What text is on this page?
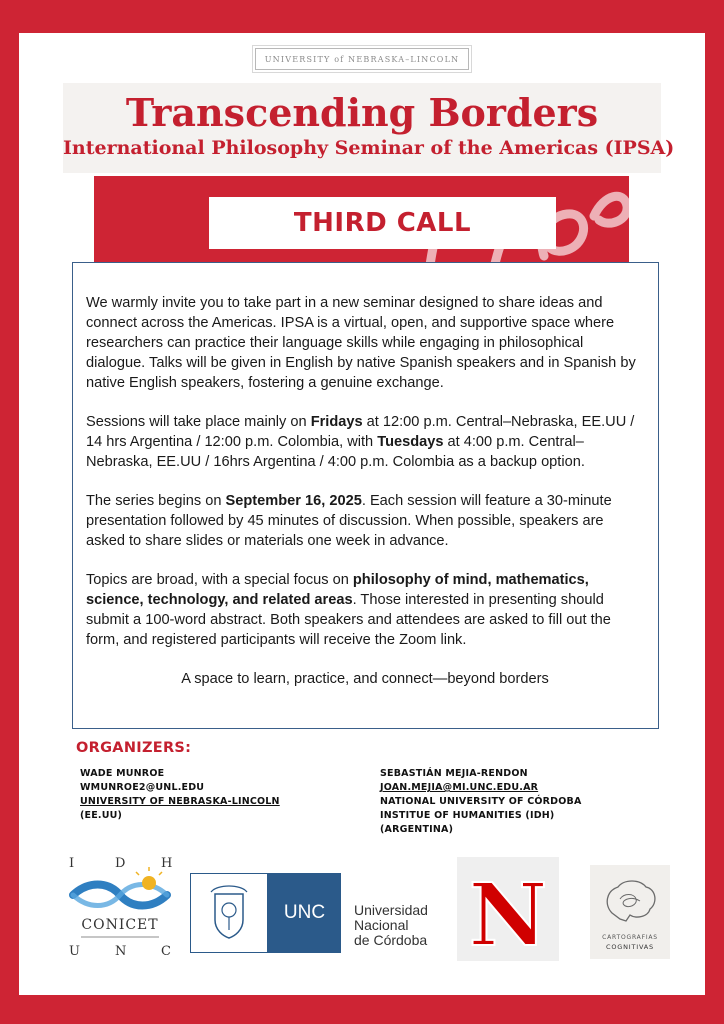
UNIVERSITY of NEBRASKA–LINCOLN
Transcending Borders
International Philosophy Seminar of the Americas (IPSA)
THIRD CALL

We warmly invite you to take part in a new seminar designed to share ideas and connect across the Americas. IPSA is a virtual, open, and supportive space where researchers can practice their language skills while engaging in philosophical dialogue. Talks will be given in English by native Spanish speakers and in Spanish by native English speakers, fostering a genuine exchange.

Sessions will take place mainly on Fridays at 12:00 p.m. Central–Nebraska, EE.UU / 14 hrs Argentina / 12:00 p.m. Colombia, with Tuesdays at 4:00 p.m. Central–Nebraska, EE.UU / 16hrs Argentina / 4:00 p.m. Colombia as a backup option.

The series begins on September 16, 2025. Each session will feature a 30-minute presentation followed by 45 minutes of discussion. When possible, speakers are asked to share slides or materials one week in advance.

Topics are broad, with a special focus on philosophy of mind, mathematics, science, technology, and related areas. Those interested in presenting should submit a 100-word abstract. Both speakers and attendees are asked to fill out the form, and registered participants will receive the Zoom link.

A space to learn, practice, and connect—beyond borders

ORGANIZERS:
WADE MUNROE
WMUNROE2@UNL.EDU
UNIVERSITY OF NEBRASKA-LINCOLN
(EE.UU)
SEBASTIÁN MEJIA-RENDON
JOAN.MEJIA@MI.UNC.EDU.AR
NATIONAL UNIVERSITY OF CÓRDOBA
INSTITUE OF HUMANITIES (IDH)
(ARGENTINA)
I	D	H
CONICET
U	N	C
UNC	Universidad
Nacional
de Córdoba N	CARTOGRAFIAS
COGNITIVAS
